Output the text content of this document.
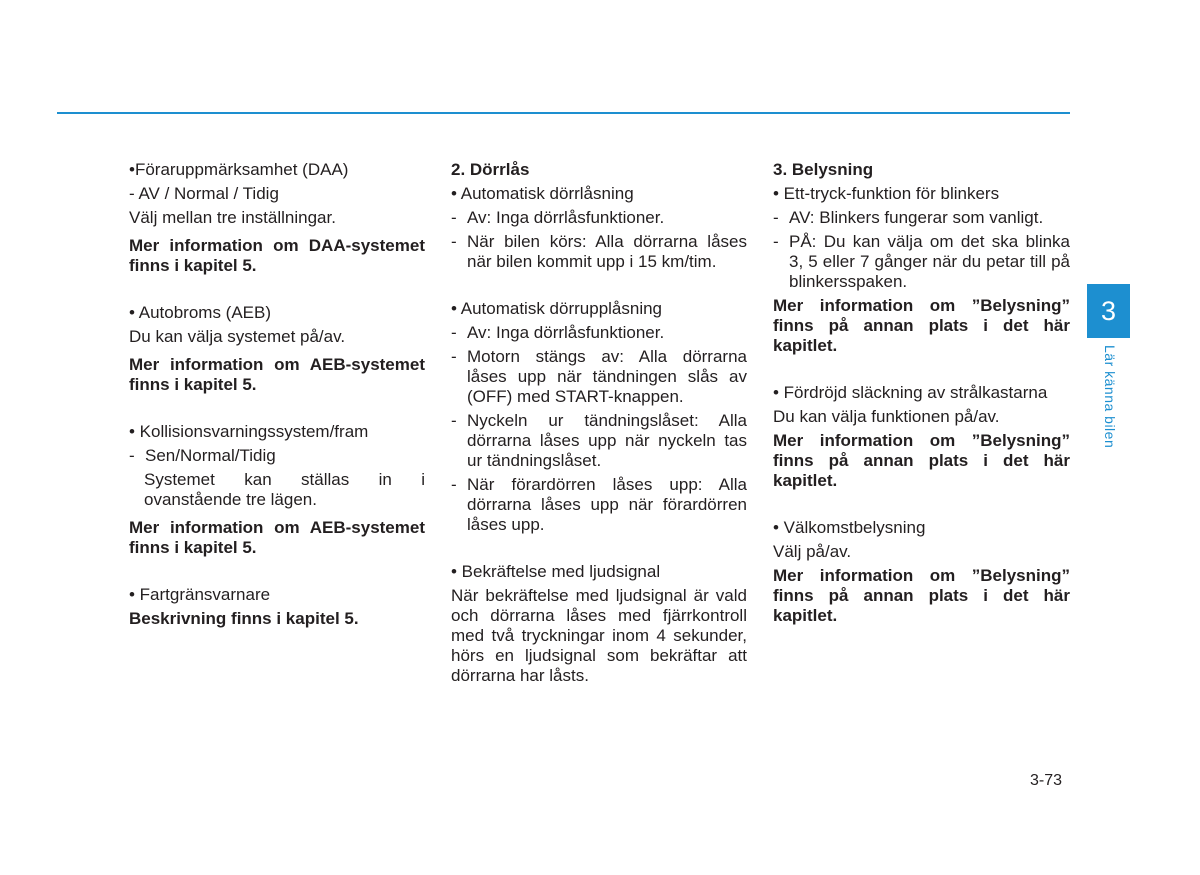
•Föraruppmärksamhet (DAA)

- AV / Normal / Tidig

Välj mellan tre inställningar.

Mer information om DAA-systemet finns i kapitel 5.

• Autobroms (AEB)

Du kan välja systemet på/av.

Mer information om AEB-systemet finns i kapitel 5.

• Kollisionsvarningssystem/fram

- Sen/Normal/Tidig

Systemet kan ställas in i ovanstående tre lägen.

Mer information om AEB-systemet finns i kapitel 5.

• Fartgränsvarnare

Beskrivning finns i kapitel 5.

2. Dörrlås

• Automatisk dörrlåsning

- Av: Inga dörrlåsfunktioner.

- När bilen körs: Alla dörrarna låses när bilen kommit upp i 15 km/tim.

• Automatisk dörrupplåsning

- Av: Inga dörrlåsfunktioner.

- Motorn stängs av: Alla dörrarna låses upp när tändningen slås av (OFF) med START-knappen.

- Nyckeln ur tändningslåset: Alla dörrarna låses upp när nyckeln tas ur tändningslåset.

- När förardörren låses upp: Alla dörrarna låses upp när förardörren låses upp.

• Bekräftelse med ljudsignal

När bekräftelse med ljudsignal är vald och dörrarna låses med fjärrkontroll med två tryckningar inom 4 sekunder, hörs en ljudsignal som bekräftar att dörrarna har låsts.

3. Belysning

• Ett-tryck-funktion för blinkers

- AV: Blinkers fungerar som vanligt.

- PÅ: Du kan välja om det ska blinka 3, 5 eller 7 gånger när du petar till på blinkersspaken.

Mer information om ”Belysning” finns på annan plats i det här kapitlet.

• Fördröjd släckning av strålkastarna

Du kan välja funktionen på/av.

Mer information om ”Belysning” finns på annan plats i det här kapitlet.

• Välkomstbelysning

Välj på/av.

Mer information om ”Belysning” finns på annan plats i det här kapitlet.

3
Lär känna bilen
3-73
